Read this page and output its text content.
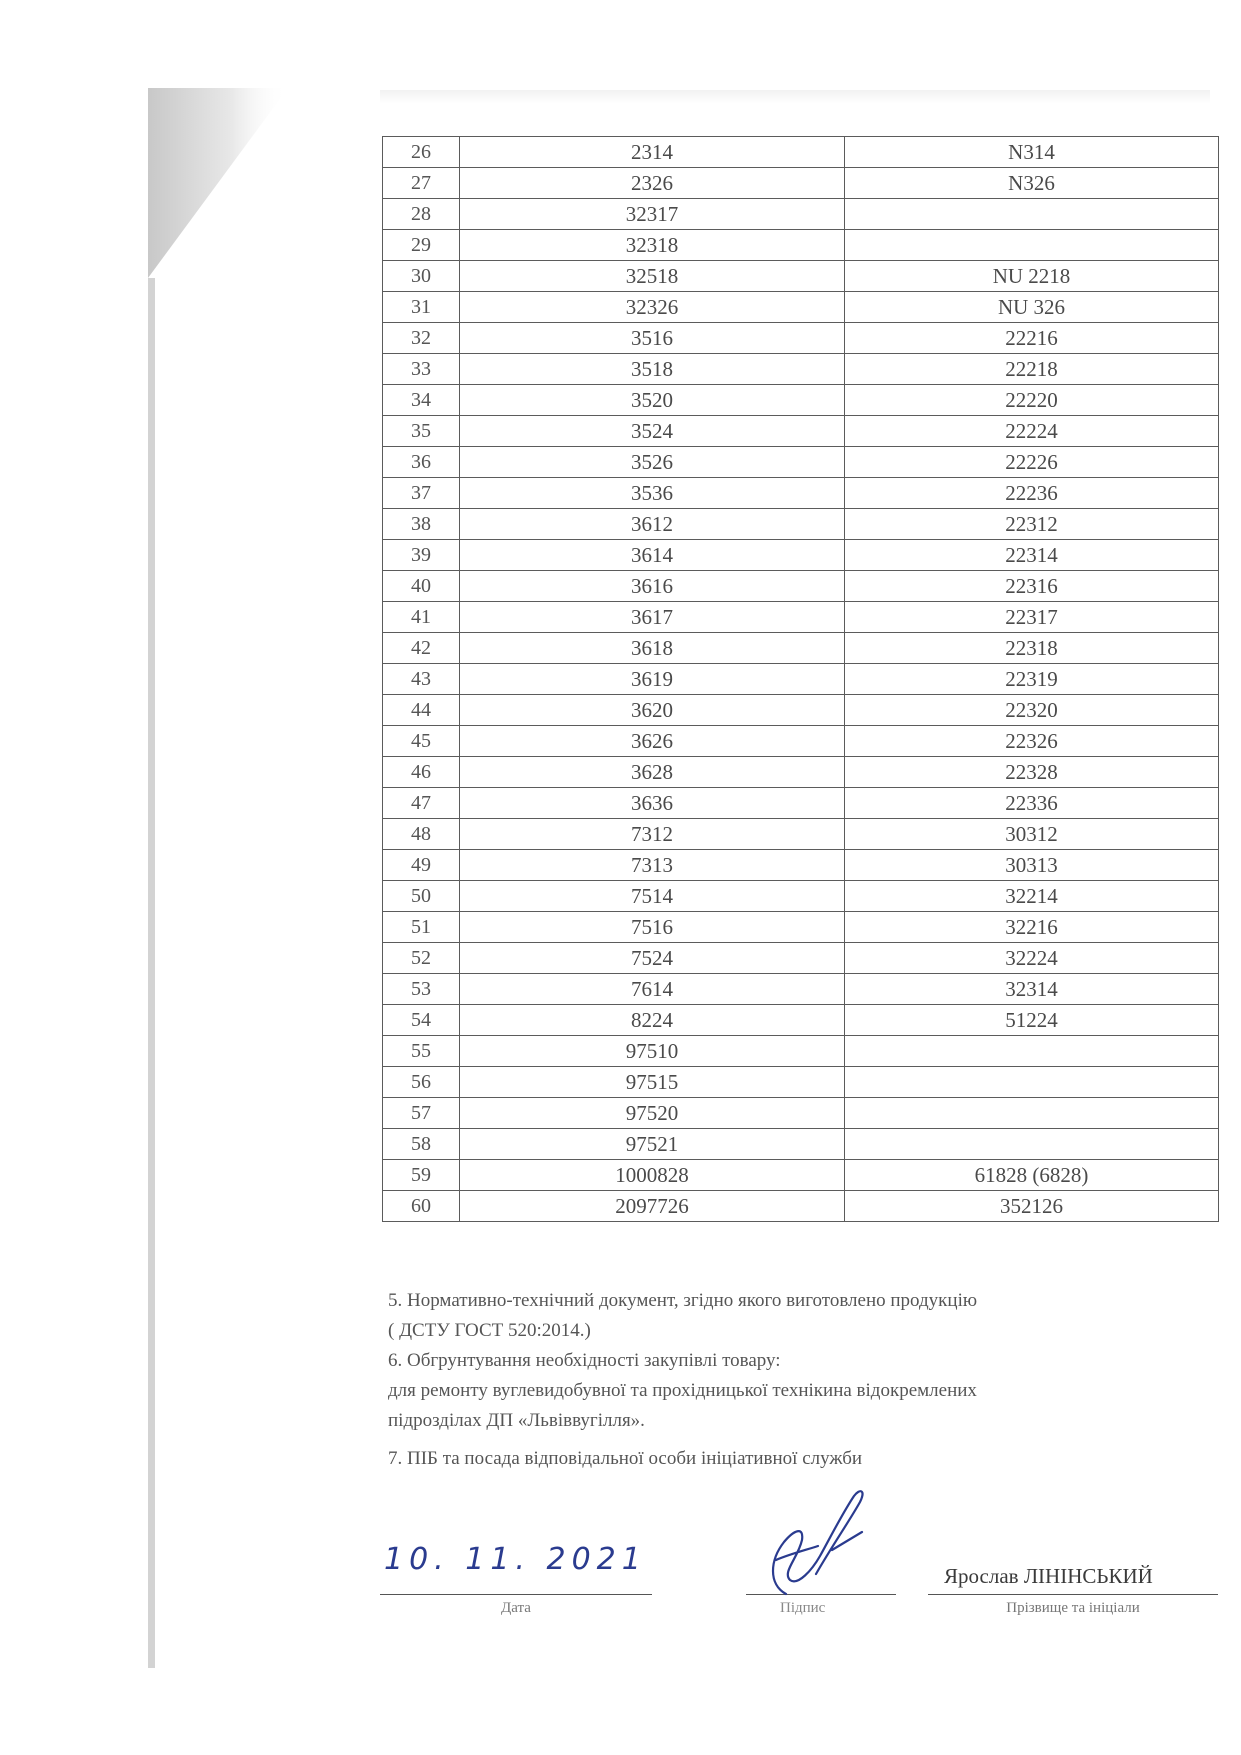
26	2314	N314
27	2326	N326
28	32317	
29	32318	
30	32518	NU 2218
31	32326	NU 326
32	3516	22216
33	3518	22218
34	3520	22220
35	3524	22224
36	3526	22226
37	3536	22236
38	3612	22312
39	3614	22314
40	3616	22316
41	3617	22317
42	3618	22318
43	3619	22319
44	3620	22320
45	3626	22326
46	3628	22328
47	3636	22336
48	7312	30312
49	7313	30313
50	7514	32214
51	7516	32216
52	7524	32224
53	7614	32314
54	8224	51224
55	97510	
56	97515	
57	97520	
58	97521	
59	1000828	61828 (6828)
60	2097726	352126

5. Нормативно-технічний документ, згідно якого виготовлено продукцію

( ДСТУ ГОСТ 520:2014.)

6. Обгрунтування необхідності закупівлі товару:

для ремонту вуглевидобувної та прохідницької технікина відокремлених

підрозділах ДП «Львіввугілля».

7. ПІБ та посада відповідальної особи ініціативної служби

10. 11. 2021
Дата	Підпис
Ярослав ЛІНІНСЬКИЙ
Прізвище та ініціали
